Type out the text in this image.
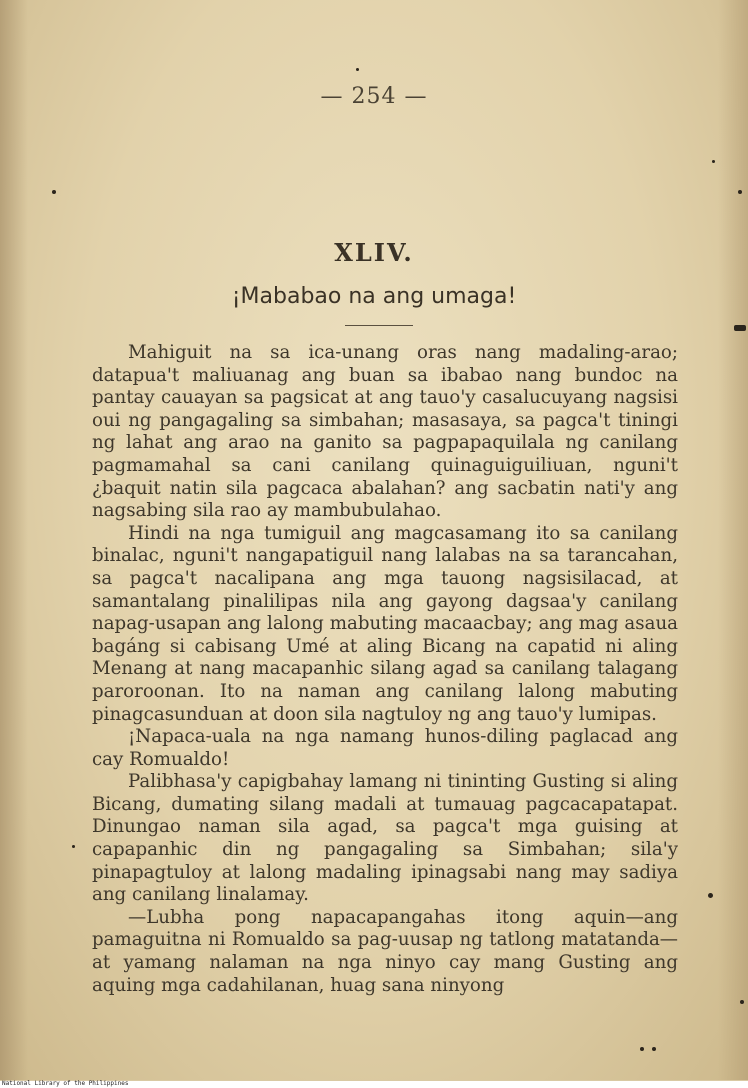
— 254 —
XLIV.
¡Mababao na ang umaga!

Mahiguit na sa ica-unang oras nang madaling-arao; datapua't maliuanag ang buan sa ibabao nang bundoc na pantay cauayan sa pagsicat at ang tauo'y casalucuyang nagsisi oui ng pangagaling sa simbahan; masasaya, sa pagca't tiningi ng lahat ang arao na ganito sa pagpapaquilala ng canilang pagmamahal sa cani canilang quinaguiguiliuan, nguni't ¿baquit natin sila pagcaca abalahan? ang sacbatin nati'y ang nagsabing sila rao ay mambubulahao.

Hindi na nga tumiguil ang magcasamang ito sa canilang binalac, nguni't nangapatiguil nang lalabas na sa tarancahan, sa pagca't nacalipana ang mga tauong nagsisilacad, at samantalang pinalilipas nila ang gayong dagsaa'y canilang napag-usapan ang lalong mabuting macaacbay; ang mag asaua bagáng si cabisang Umé at aling Bicang na capatid ni aling Menang at nang macapanhic silang agad sa canilang talagang paroroonan. Ito na naman ang canilang lalong mabuting pinagcasunduan at doon sila nagtuloy ng ang tauo'y lumipas.

¡Napaca-uala na nga namang hunos-diling paglacad ang cay Romualdo!

Palibhasa'y capigbahay lamang ni tininting Gusting si aling Bicang, dumating silang madali at tumauag pagcacapatapat. Dinungao naman sila agad, sa pagca't mga guising at capapanhic din ng pangagaling sa Simbahan; sila'y pinapagtuloy at lalong madaling ipinagsabi nang may sadiya ang canilang linalamay.

—Lubha pong napacapangahas itong aquin—ang pamaguitna ni Romualdo sa pag-uusap ng tatlong matatanda—at yamang nalaman na nga ninyo cay mang Gusting ang aquing mga cadahilanan, huag sana ninyong

National Library of the Philippines
